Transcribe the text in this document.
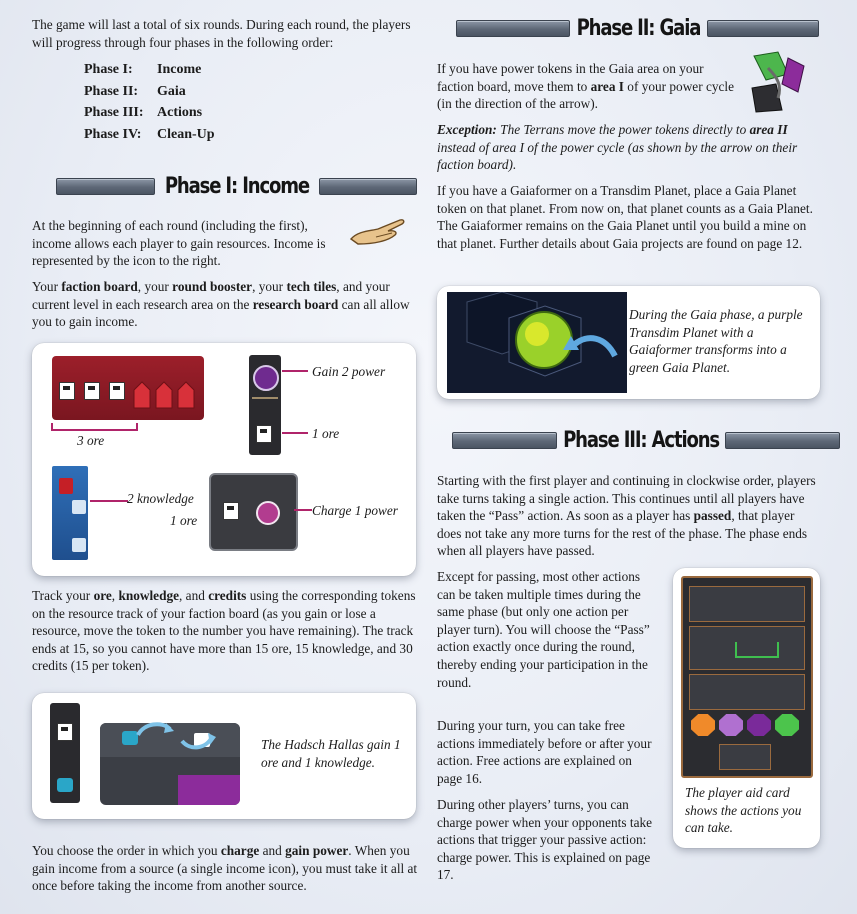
The game will last a total of six rounds. During each round, the players will progress through four phases in the following order:

Phase I:	Income
Phase II:	Gaia
Phase III: Actions
Phase IV:	Clean-Up
Phase I: Income

At the beginning of each round (including the first), income allows each player to gain resources. Income is represented by the icon to the right.

Your faction board, your round booster, your tech tiles, and your current level in each research area on the research board can all allow you to gain income.

3 ore
Gain 2 power
1 ore
2 knowledge
1 ore
Charge 1 power

Track your ore, knowledge, and credits using the corresponding tokens on the resource track of your faction board (as you gain or lose a resource, move the token to the number you have remaining). The track ends at 15, so you cannot have more than 15 ore, 15 knowledge, and 30 credits (15 per token).

The Hadsch Hallas gain 1 ore and 1 knowledge.

You choose the order in which you charge and gain power. When you gain income from a source (a single income icon), you must take it all at once before taking the income from another source.

Phase II: Gaia

If you have power tokens in the Gaia area on your faction board, move them to area I of your power cycle (in the direction of the arrow).

Exception: The Terrans move the power tokens directly to area II instead of area I of the power cycle (as shown by the arrow on their faction board).

If you have a Gaiaformer on a Transdim Planet, place a Gaia Planet token on that planet. From now on, that planet counts as a Gaia Planet. The Gaiaformer remains on the Gaia Planet until you build a mine on that planet. Further details about Gaia projects are found on page 12.

During the Gaia phase, a purple Transdim Planet with a Gaiaformer transforms into a green Gaia Planet.

Phase III: Actions

Starting with the first player and continuing in clockwise order, players take turns taking a single action. This continues until all players have taken the “Pass” action. As soon as a player has passed, that player does not take any more turns for the rest of the phase. The phase ends when all players have passed.

Except for passing, most other actions can be taken multiple times during the same phase (but only one action per player turn). You will choose the “Pass” action exactly once during the round, thereby ending your participation in the round.

During your turn, you can take free actions immediately before or after your action. Free actions are explained on page 16.

During other players’ turns, you can charge power when your opponents take actions that trigger your passive action: charge power. This is explained on page 17.

The player aid card shows the actions you can take.
